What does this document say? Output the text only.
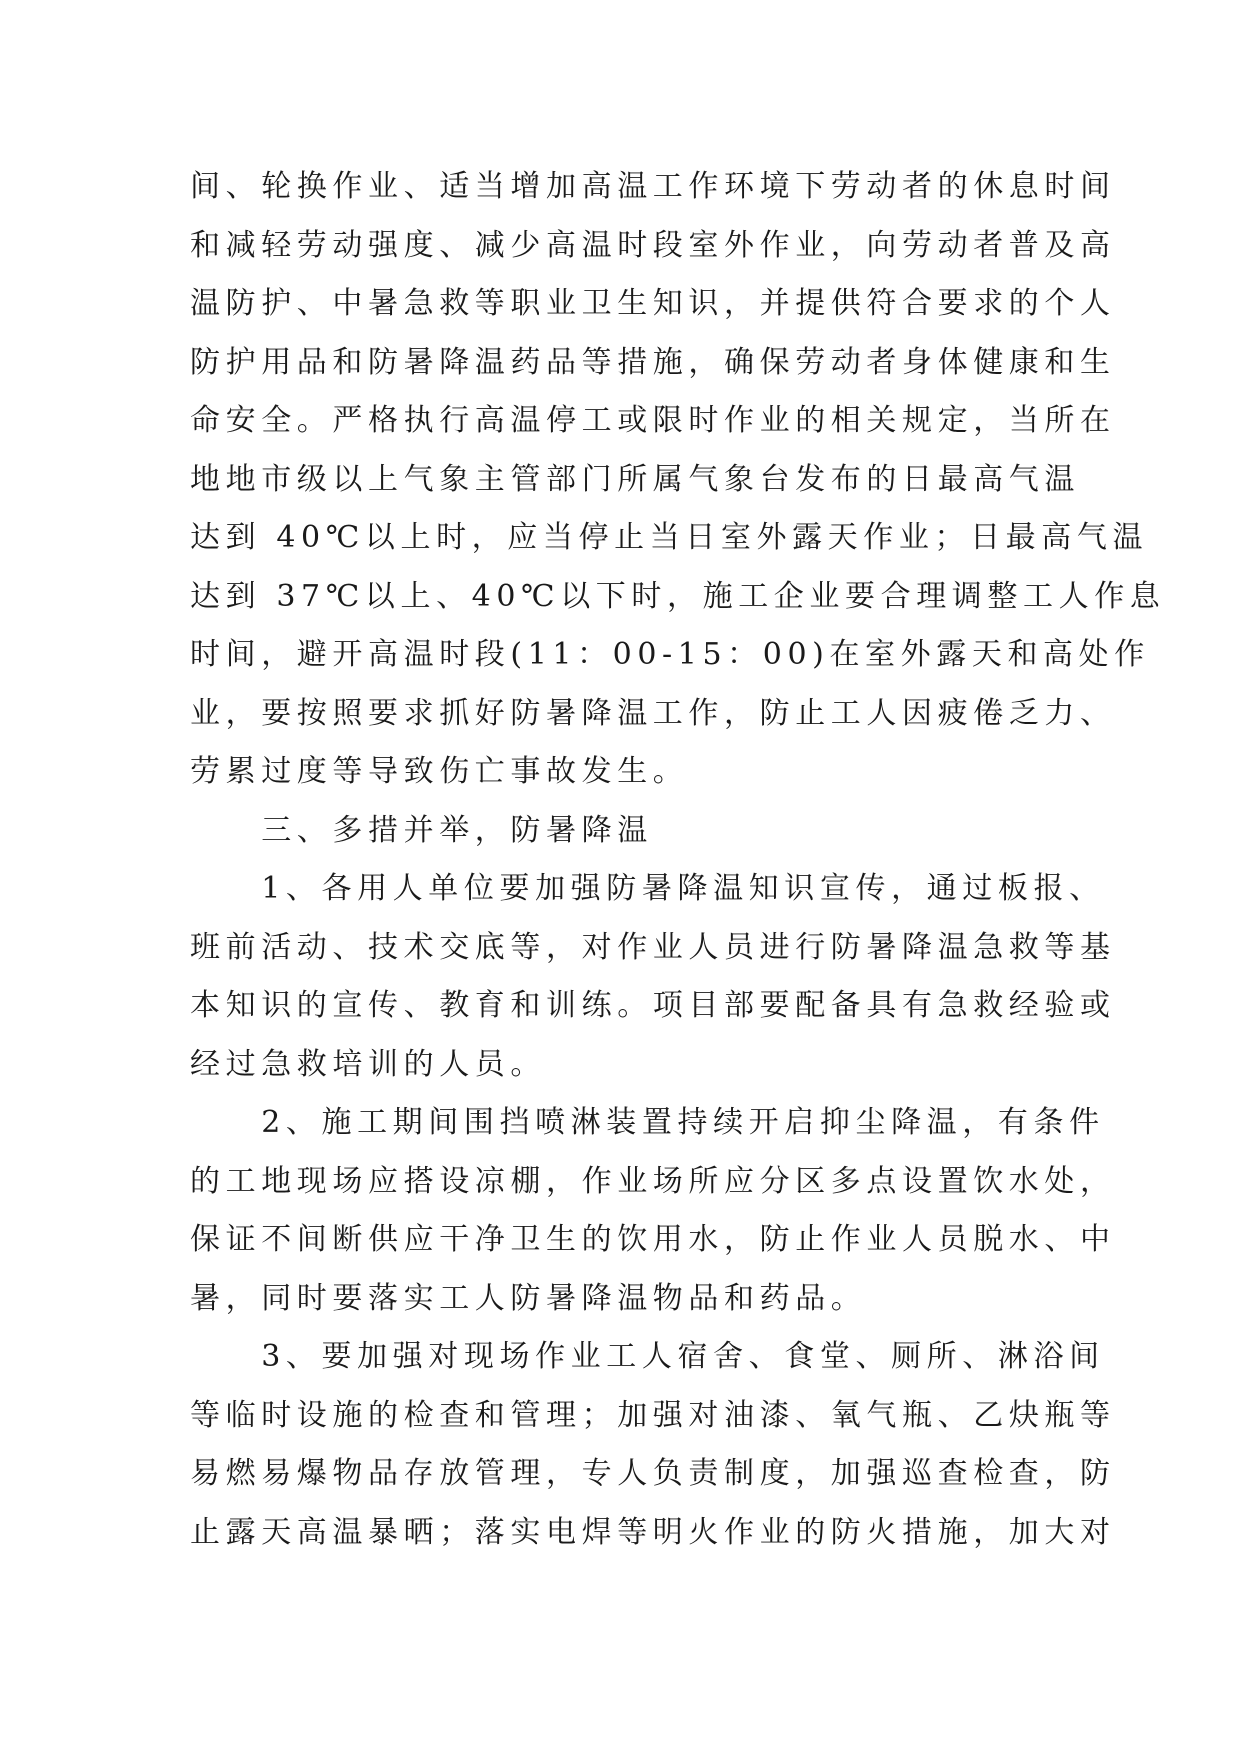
间、轮换作业、适当增加高温工作环境下劳动者的休息时间
和减轻劳动强度、减少高温时段室外作业，向劳动者普及高
温防护、中暑急救等职业卫生知识，并提供符合要求的个人
防护用品和防暑降温药品等措施，确保劳动者身体健康和生
命安全。严格执行高温停工或限时作业的相关规定，当所在
地地市级以上气象主管部门所属气象台发布的日最高气温
达到 40℃以上时，应当停止当日室外露天作业；日最高气温
达到 37℃以上、40℃以下时，施工企业要合理调整工人作息
时间，避开高温时段(11：00-15：00)在室外露天和高处作
业，要按照要求抓好防暑降温工作，防止工人因疲倦乏力、
劳累过度等导致伤亡事故发生。
　　三、多措并举，防暑降温
　　1、各用人单位要加强防暑降温知识宣传，通过板报、
班前活动、技术交底等，对作业人员进行防暑降温急救等基
本知识的宣传、教育和训练。项目部要配备具有急救经验或
经过急救培训的人员。
　　2、施工期间围挡喷淋装置持续开启抑尘降温，有条件
的工地现场应搭设凉棚，作业场所应分区多点设置饮水处，
保证不间断供应干净卫生的饮用水，防止作业人员脱水、中
暑，同时要落实工人防暑降温物品和药品。
　　3、要加强对现场作业工人宿舍、食堂、厕所、淋浴间
等临时设施的检查和管理；加强对油漆、氧气瓶、乙炔瓶等
易燃易爆物品存放管理，专人负责制度，加强巡查检查，防
止露天高温暴晒；落实电焊等明火作业的防火措施，加大对
